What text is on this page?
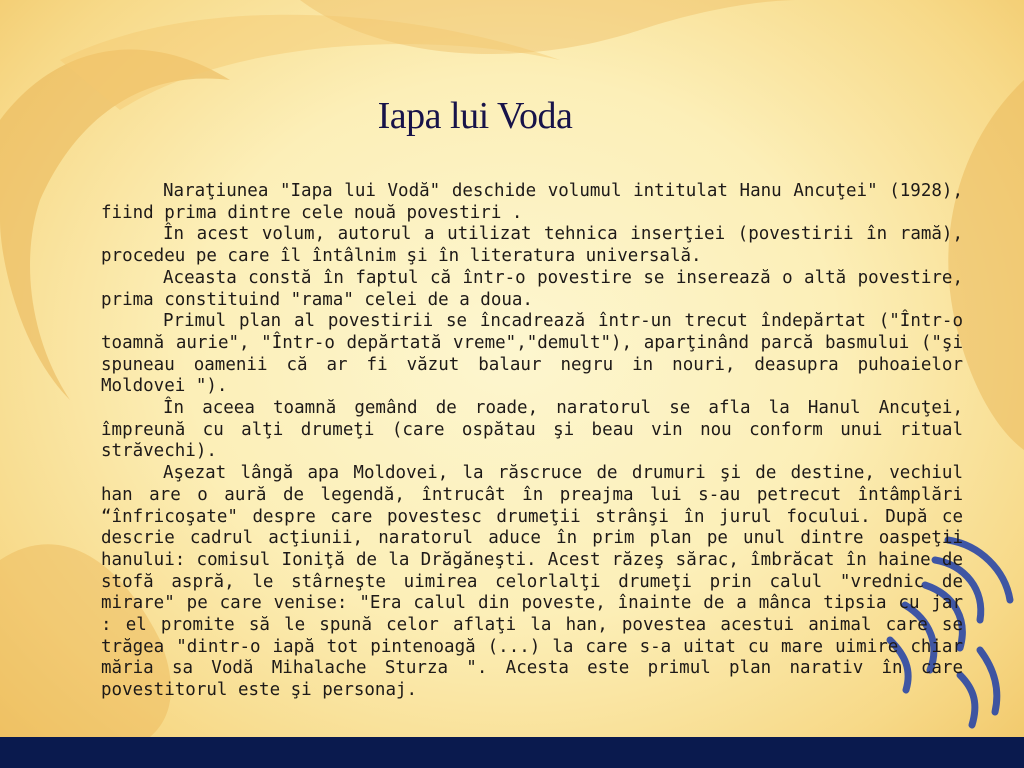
Iapa lui Voda

Naraţiunea "Iapa lui Vodă" deschide volumul intitulat Hanu Ancuţei" (1928), fiind prima dintre cele nouă povestiri .

În acest volum, autorul a utilizat tehnica inserţiei (povestirii în ramă), procedeu pe care îl întâlnim şi în literatura universală.

Aceasta constă în faptul că într-o povestire se inserează o altă povestire, prima constituind "rama" celei de a doua.

Primul plan al povestirii se încadrează într-un trecut îndepărtat ("Într-o toamnă aurie", "Într-o depărtată vreme","demult"), aparţinând parcă basmului ("şi spuneau oamenii că ar fi văzut balaur negru in nouri, deasupra puhoaielor Moldovei ").

În aceea toamnă gemând de roade, naratorul se afla la Hanul Ancuţei, împreună cu alţi drumeţi (care ospătau şi beau vin nou conform unui ritual străvechi).

Aşezat lângă apa Moldovei, la răscruce de drumuri şi de destine, vechiul han are o aură de legendă, întrucât în preajma lui s-au petrecut întâmplări “înfricoşate" despre care povestesc drumeţii strânşi în jurul focului. După ce descrie cadrul acţiunii, naratorul aduce în prim plan pe unul dintre oaspeţii hanului: comisul Ioniţă de la Drăgăneşti. Acest răzeş sărac, îmbrăcat în haine de stofă aspră, le stârneşte uimirea celorlalţi drumeţi prin calul "vrednic de mirare" pe care venise: "Era calul din poveste, înainte de a mânca tipsia cu jar : el promite să le spună celor aflaţi la han, povestea acestui animal care se trăgea "dintr-o iapă tot pintenoagă (...) la care s-a uitat cu mare uimire chiar măria sa Vodă Mihalache Sturza ". Acesta este primul plan narativ în care povestitorul este şi personaj.
